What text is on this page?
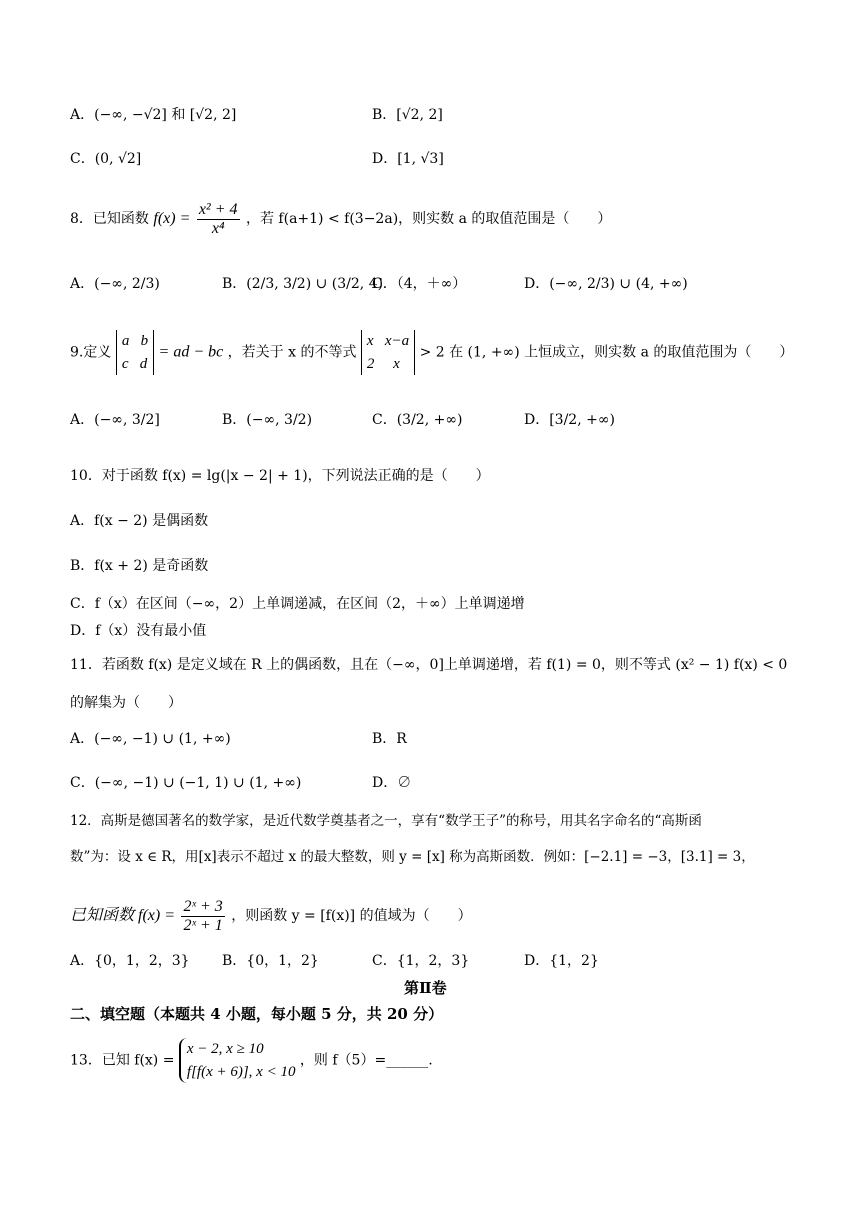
A．(−∞, −√2] 和 [√2, 2]	B．[√2, 2]
C．(0, √2]	D．[1, √3]
8．已知函数 $f(x) = \frac{\text{x² + 4}}{\text{x⁴}}$ ，若 f(a+1) < f(3−2a)，则实数 a 的取值范围是（　　）
A．(−∞, 2/3)	B．(2/3, 3/2) ∪ (3/2, 4)
C．（4，＋∞）	D．(−∞, 2/3) ∪ (4, +∞)
9.定义 a   b
c   d = ad − bc ，若关于 x 的不等式 x   x−a
2     x > 2 在 (1, +∞) 上恒成立，则实数 a 的取值范围为（　　）
A．(−∞, 3/2]	B．(−∞, 3/2)	C．(3/2, +∞)	D．[3/2, +∞)
10．对于函数 f(x) = lg(|x − 2| + 1)，下列说法正确的是（　　）
A．f(x − 2) 是偶函数
B．f(x + 2) 是奇函数
C．f（x）在区间（−∞，2）上单调递减，在区间（2，＋∞）上单调递增
D．f（x）没有最小值
11．若函数 f(x) 是定义域在 R 上的偶函数，且在（−∞，0]上单调递增，若 f(1) = 0，则不等式 (x² − 1) f(x) < 0
的解集为（　　）
A．(−∞, −1) ∪ (1, +∞)	B．R
C．(−∞, −1) ∪ (−1, 1) ∪ (1, +∞)	D．∅
12．高斯是德国著名的数学家，是近代数学奠基者之一，享有“数学王子”的称号，用其名字命名的“高斯函
数”为：设 x ∈ R，用[x]表示不超过 x 的最大整数，则 y = [x] 称为高斯函数．例如：[−2.1] = −3，[3.1] = 3，
已知函数 $f(x) = \frac{\text{2ˣ + 3}}{\text{2ˣ + 1}}$ ，则函数 y = [f(x)] 的值域为（　　）
A．{0，1，2，3} B．{0，1，2}	C．{1，2，3}	D．{1，2}
第Ⅱ卷
二、填空题（本题共 4 小题，每小题 5 分，共 20 分）
13．已知 f(x) = x − 2, x ≥ 10
f[f(x + 6)], x < 10 ，则 f（5）=______.
